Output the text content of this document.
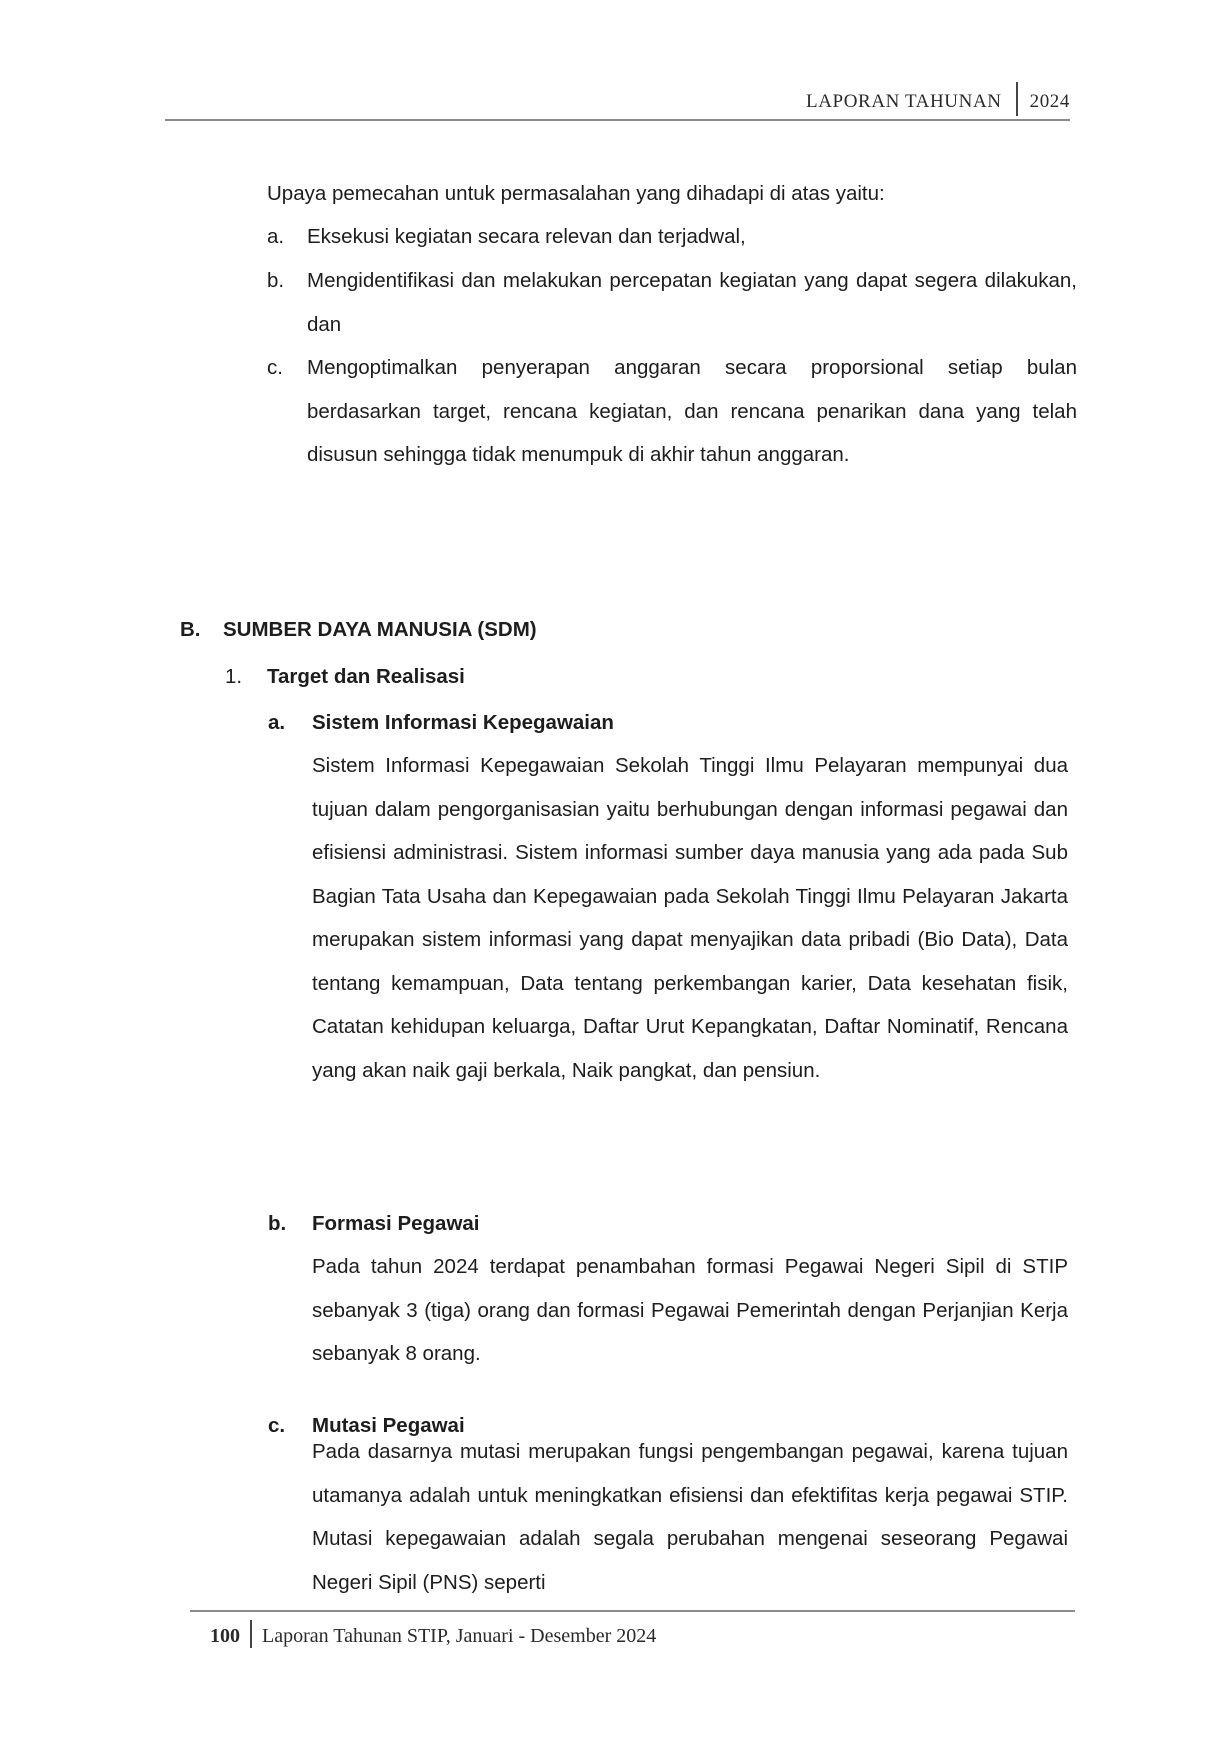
LAPORAN TAHUNAN 2024
Upaya pemecahan untuk permasalahan yang dihadapi di atas yaitu:
a.	Eksekusi kegiatan secara relevan dan terjadwal,
b.	Mengidentifikasi dan melakukan percepatan kegiatan yang dapat segera dilakukan, dan
c.	Mengoptimalkan penyerapan anggaran secara proporsional setiap bulan berdasarkan target, rencana kegiatan, dan rencana penarikan dana yang telah disusun sehingga tidak menumpuk di akhir tahun anggaran.
B. SUMBER DAYA MANUSIA (SDM)
1. Target dan Realisasi
a. Sistem Informasi Kepegawaian
Sistem Informasi Kepegawaian Sekolah Tinggi Ilmu Pelayaran mempunyai dua tujuan dalam pengorganisasian yaitu berhubungan dengan informasi pegawai dan efisiensi administrasi. Sistem informasi sumber daya manusia yang ada pada Sub Bagian Tata Usaha dan Kepegawaian pada Sekolah Tinggi Ilmu Pelayaran Jakarta merupakan sistem informasi yang dapat menyajikan data pribadi (Bio Data), Data tentang kemampuan, Data tentang perkembangan karier, Data kesehatan fisik, Catatan kehidupan keluarga, Daftar Urut Kepangkatan, Daftar Nominatif, Rencana yang akan naik gaji berkala, Naik pangkat, dan pensiun.
b. Formasi Pegawai
Pada tahun 2024 terdapat penambahan formasi Pegawai Negeri Sipil di STIP sebanyak 3 (tiga) orang dan formasi Pegawai Pemerintah dengan Perjanjian Kerja sebanyak 8 orang.
c. Mutasi Pegawai
Pada dasarnya mutasi merupakan fungsi pengembangan pegawai, karena tujuan utamanya adalah untuk meningkatkan efisiensi dan efektifitas kerja pegawai STIP. Mutasi kepegawaian adalah segala perubahan mengenai seseorang Pegawai Negeri Sipil (PNS) seperti
100 Laporan Tahunan STIP, Januari - Desember 2024
